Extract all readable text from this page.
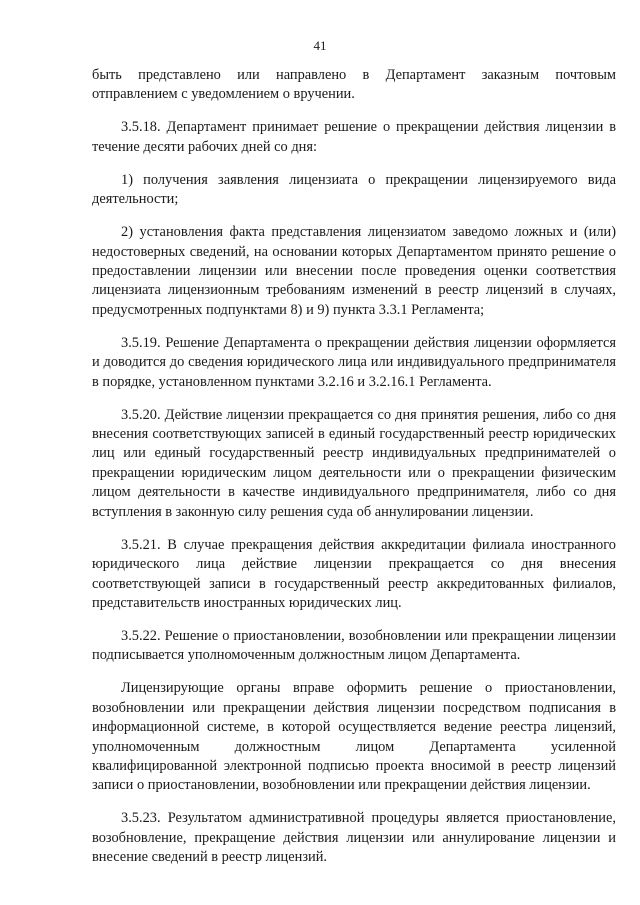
41

быть представлено или направлено в Департамент заказным почтовым отправлением с уведомлением о вручении.

3.5.18. Департамент принимает решение о прекращении действия лицензии в течение десяти рабочих дней со дня:

1) получения заявления лицензиата о прекращении лицензируемого вида деятельности;

2) установления факта представления лицензиатом заведомо ложных и (или) недостоверных сведений, на основании которых Департаментом принято решение о предоставлении лицензии или внесении после проведения оценки соответствия лицензиата лицензионным требованиям изменений в реестр лицензий в случаях, предусмотренных подпунктами 8) и 9) пункта 3.3.1 Регламента;

3.5.19. Решение Департамента о прекращении действия лицензии оформляется и доводится до сведения юридического лица или индивидуального предпринимателя в порядке, установленном пунктами 3.2.16 и 3.2.16.1 Регламента.

3.5.20. Действие лицензии прекращается со дня принятия решения, либо со дня внесения соответствующих записей в единый государственный реестр юридических лиц или единый государственный реестр индивидуальных предпринимателей о прекращении юридическим лицом деятельности или о прекращении физическим лицом деятельности в качестве индивидуального предпринимателя, либо со дня вступления в законную силу решения суда об аннулировании лицензии.

3.5.21. В случае прекращения действия аккредитации филиала иностранного юридического лица действие лицензии прекращается со дня внесения соответствующей записи в государственный реестр аккредитованных филиалов, представительств иностранных юридических лиц.

3.5.22. Решение о приостановлении, возобновлении или прекращении лицензии подписывается уполномоченным должностным лицом Департамента.

Лицензирующие органы вправе оформить решение о приостановлении, возобновлении или прекращении действия лицензии посредством подписания в информационной системе, в которой осуществляется ведение реестра лицензий, уполномоченным должностным лицом Департамента усиленной квалифицированной электронной подписью проекта вносимой в реестр лицензий записи о приостановлении, возобновлении или прекращении действия лицензии.

3.5.23. Результатом административной процедуры является приостановление, возобновление, прекращение действия лицензии или аннулирование лицензии и внесение сведений в реестр лицензий.
